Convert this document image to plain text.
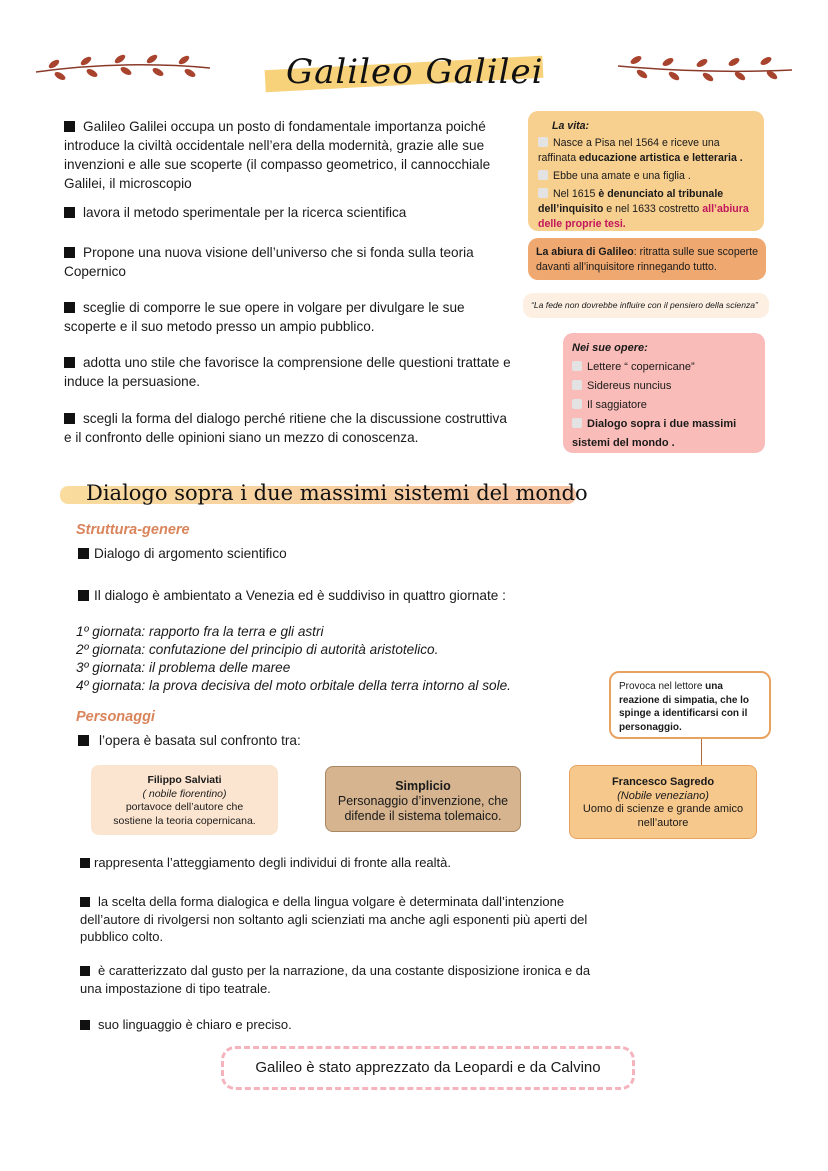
Galileo Galilei
Galileo Galilei occupa un posto di fondamentale importanza poiché introduce la civiltà occidentale nell’era della modernità, grazie alle sue invenzioni e alle sue scoperte (il compasso geometrico, il cannocchiale Galilei, il microscopio
lavora il metodo sperimentale per la ricerca scientifica
Propone una nuova visione dell’universo che si fonda sulla teoria Copernico
sceglie di comporre le sue opere in volgare per divulgare le sue scoperte e il suo metodo presso un ampio pubblico.
adotta uno stile che favorisce la comprensione delle questioni trattate e induce la persuasione.
scegli la forma del dialogo perché ritiene che la discussione costruttiva e il confronto delle opinioni siano un mezzo di conoscenza.
La vita:
Nasce a Pisa nel 1564 e riceve una raffinata educazione artistica e letteraria .
Ebbe una amate e una figlia .
Nel 1615 è denunciato al tribunale dell’inquisito e nel 1633 costretto all’abiura delle proprie tesi.
La abiura di Galileo: ritratta sulle sue scoperte davanti all’inquisitore rinnegando tutto.
“La fede non dovrebbe influire con il pensiero della scienza”
Nei sue opere:
Lettere “ copernicane”
Sidereus nuncius
Il saggiatore
Dialogo sopra i due massimi sistemi del mondo .
Dialogo sopra i due massimi sistemi del mondo
Struttura-genere
Dialogo di argomento scientifico
Il dialogo è ambientato a Venezia ed è suddiviso in quattro giornate :
1º giornata: rapporto fra la terra e gli astri
2º giornata: confutazione del principio di autorità aristotelico.
3º giornata: il problema delle maree
4º giornata: la prova decisiva del moto orbitale della terra intorno al sole.
Personaggi
l’opera è basata sul confronto tra:
Provoca nel lettore una reazione di simpatia, che lo spinge a identificarsi con il personaggio.
Filippo Salviati
( nobile fiorentino)
portavoce dell’autore che sostiene la teoria copernicana.
Simplicio
Personaggio d’invenzione, che difende il sistema tolemaico.
Francesco Sagredo
(Nobile veneziano)
Uomo di scienze e grande amico nell’autore
rappresenta l’atteggiamento degli individui di fronte alla realtà.
la scelta della forma dialogica e della lingua volgare è determinata dall’intenzione dell’autore di rivolgersi non soltanto agli scienziati ma anche agli esponenti più aperti del pubblico colto.
è caratterizzato dal gusto per la narrazione, da una costante disposizione ironica e da una impostazione di tipo teatrale.
suo linguaggio è chiaro e preciso.
Galileo è stato apprezzato da Leopardi e da Calvino
